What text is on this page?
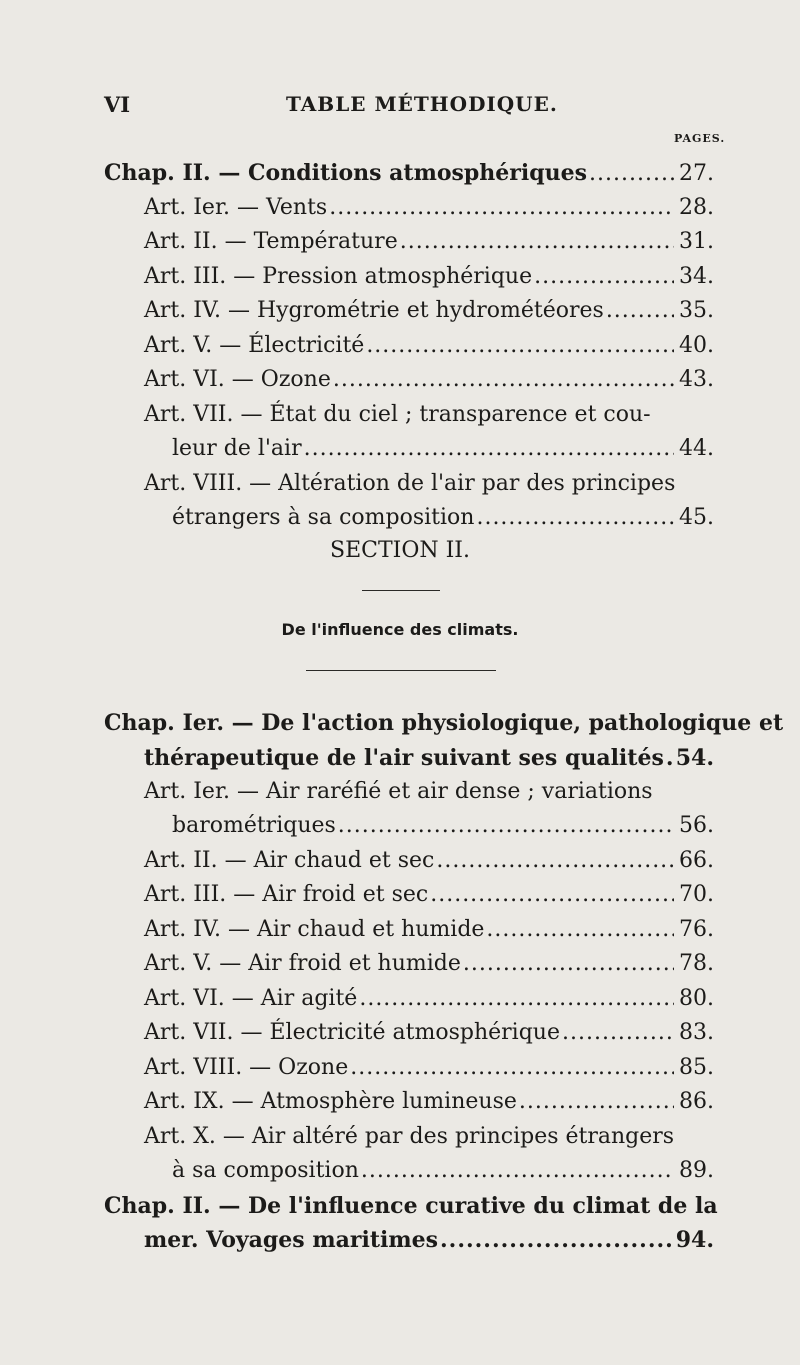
VI	TABLE MÉTHODIQUE.
PAGES.
Chap. II. — Conditions atmosphériques .....	27.
Art. Ier. — Vents .....	28.
Art. II. — Température .....	31.
Art. III. — Pression atmosphérique .....	34.
Art. IV. — Hygrométrie et hydrométéores .....	35.
Art. V. — Électricité .....	40.
Art. VI. — Ozone .....	43.
Art. VII. — État du ciel ; transparence et cou-
leur de l'air .....	44.
Art. VIII. — Altération de l'air par des principes
étrangers à sa composition .....	45.
SECTION II.
De l'influence des climats.
Chap. Ier. — De l'action physiologique, pathologique et
thérapeutique de l'air suivant ses qualités ..... 54.
Art. Ier. — Air raréfié et air dense ; variations
barométriques .....	56.
Art. II. — Air chaud et sec .....	66.
Art. III. — Air froid et sec .....	70.
Art. IV. — Air chaud et humide .....	76.
Art. V. — Air froid et humide .....	78.
Art. VI. — Air agité .....	80.
Art. VII. — Électricité atmosphérique .....	83.
Art. VIII. — Ozone .....	85.
Art. IX. — Atmosphère lumineuse .....	86.
Art. X. — Air altéré par des principes étrangers
à sa composition .....	89.
Chap. II. — De l'influence curative du climat de la
mer. Voyages maritimes .....	94.
